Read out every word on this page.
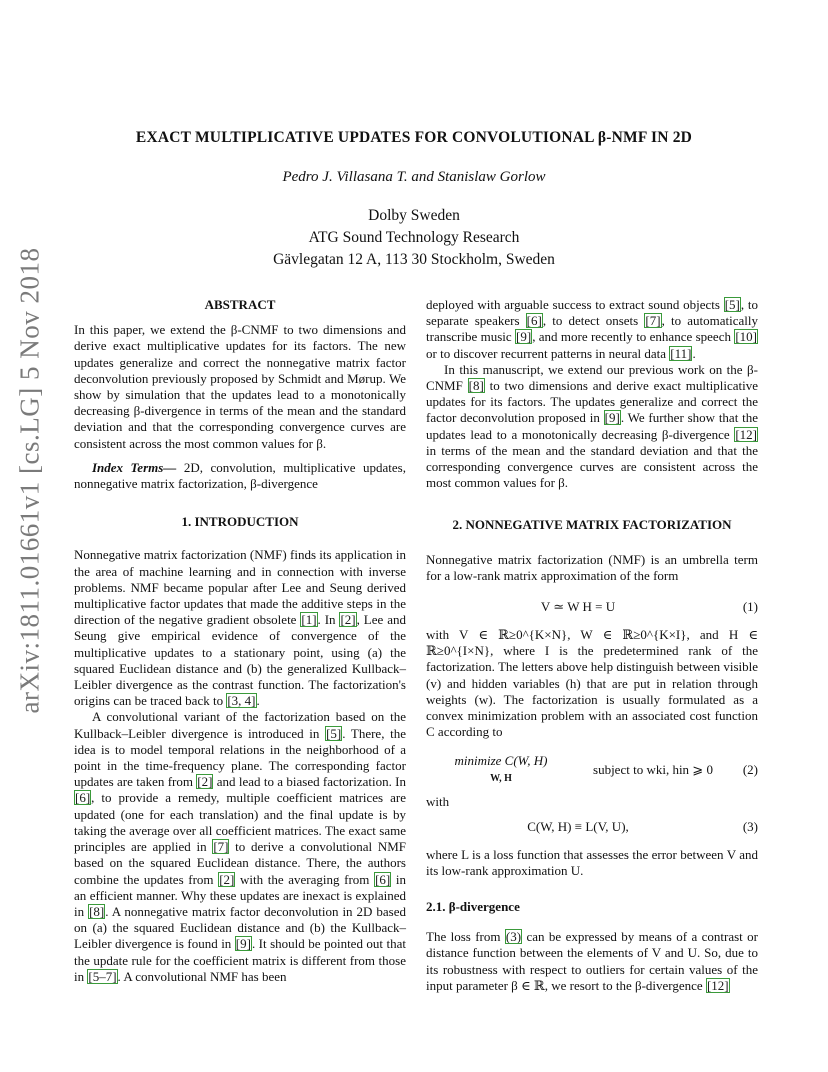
arXiv:1811.01661v1 [cs.LG] 5 Nov 2018
EXACT MULTIPLICATIVE UPDATES FOR CONVOLUTIONAL β-NMF IN 2D
Pedro J. Villasana T. and Stanislaw Gorlow
Dolby Sweden
ATG Sound Technology Research
Gävlegatan 12 A, 113 30 Stockholm, Sweden

ABSTRACT

In this paper, we extend the β-CNMF to two dimensions and derive exact multiplicative updates for its factors. The new updates generalize and correct the nonnegative matrix factor deconvolution previously proposed by Schmidt and Mørup. We show by simulation that the updates lead to a monotonically decreasing β-divergence in terms of the mean and the standard deviation and that the corresponding convergence curves are consistent across the most common values for β.

Index Terms— 2D, convolution, multiplicative updates, nonnegative matrix factorization, β-divergence

1. INTRODUCTION

Nonnegative matrix factorization (NMF) finds its application in the area of machine learning and in connection with inverse problems. NMF became popular after Lee and Seung derived multiplicative factor updates that made the additive steps in the direction of the negative gradient obsolete [1]. In [2], Lee and Seung give empirical evidence of convergence of the multiplicative updates to a stationary point, using (a) the squared Euclidean distance and (b) the generalized Kullback–Leibler divergence as the contrast function. The factorization's origins can be traced back to [3, 4].

A convolutional variant of the factorization based on the Kullback–Leibler divergence is introduced in [5]. There, the idea is to model temporal relations in the neighborhood of a point in the time-frequency plane. The corresponding factor updates are taken from [2] and lead to a biased factorization. In [6], to provide a remedy, multiple coefficient matrices are updated (one for each translation) and the final update is by taking the average over all coefficient matrices. The exact same principles are applied in [7] to derive a convolutional NMF based on the squared Euclidean distance. There, the authors combine the updates from [2] with the averaging from [6] in an efficient manner. Why these updates are inexact is explained in [8]. A nonnegative matrix factor deconvolution in 2D based on (a) the squared Euclidean distance and (b) the Kullback–Leibler divergence is found in [9]. It should be pointed out that the update rule for the coefficient matrix is different from those in [5–7]. A convolutional NMF has been

deployed with arguable success to extract sound objects [5], to separate speakers [6], to detect onsets [7], to automatically transcribe music [9], and more recently to enhance speech [10] or to discover recurrent patterns in neural data [11].

In this manuscript, we extend our previous work on the β-CNMF [8] to two dimensions and derive exact multiplicative updates for its factors. The updates generalize and correct the factor deconvolution proposed in [9]. We further show that the updates lead to a monotonically decreasing β-divergence [12] in terms of the mean and the standard deviation and that the corresponding convergence curves are consistent across the most common values for β.

2. NONNEGATIVE MATRIX FACTORIZATION

Nonnegative matrix factorization (NMF) is an umbrella term for a low-rank matrix approximation of the form

V ≃ W H = U	(1)

with V ∈ ℝ≥0^{K×N}, W ∈ ℝ≥0^{K×I}, and H ∈ ℝ≥0^{I×N}, where I is the predetermined rank of the factorization. The letters above help distinguish between visible (v) and hidden variables (h) that are put in relation through weights (w). The factorization is usually formulated as a convex minimization problem with an associated cost function C according to

minimize C(W, H)
W, H
subject to wki, hin ⩾ 0	(2)

with

C(W, H) ≡ L(V, U),	(3)

where L is a loss function that assesses the error between V and its low-rank approximation U.

2.1. β-divergence

The loss from (3) can be expressed by means of a contrast or distance function between the elements of V and U. So, due to its robustness with respect to outliers for certain values of the input parameter β ∈ ℝ, we resort to the β-divergence [12]
